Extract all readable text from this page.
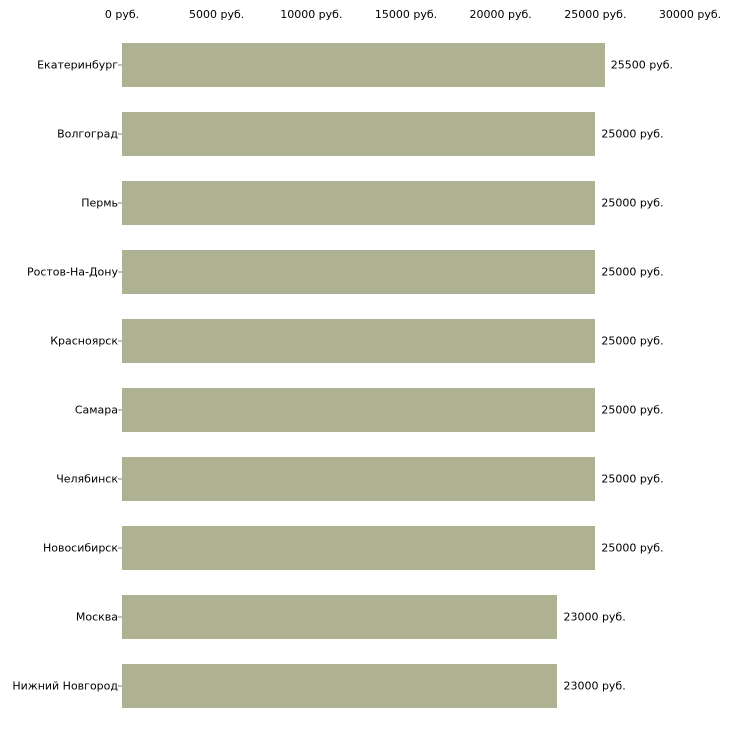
0 руб.	5000 руб.	10000 руб.	15000 руб.	20000 руб.	25000 руб.	30000 руб.
Екатеринбург	25500 руб.
Волгоград	25000 руб.
Пермь	25000 руб.
Ростов-На-Дону	25000 руб.
Красноярск	25000 руб.
Самара	25000 руб.
Челябинск	25000 руб.
Новосибирск	25000 руб.
Москва	23000 руб.
Нижний Новгород	23000 руб.
